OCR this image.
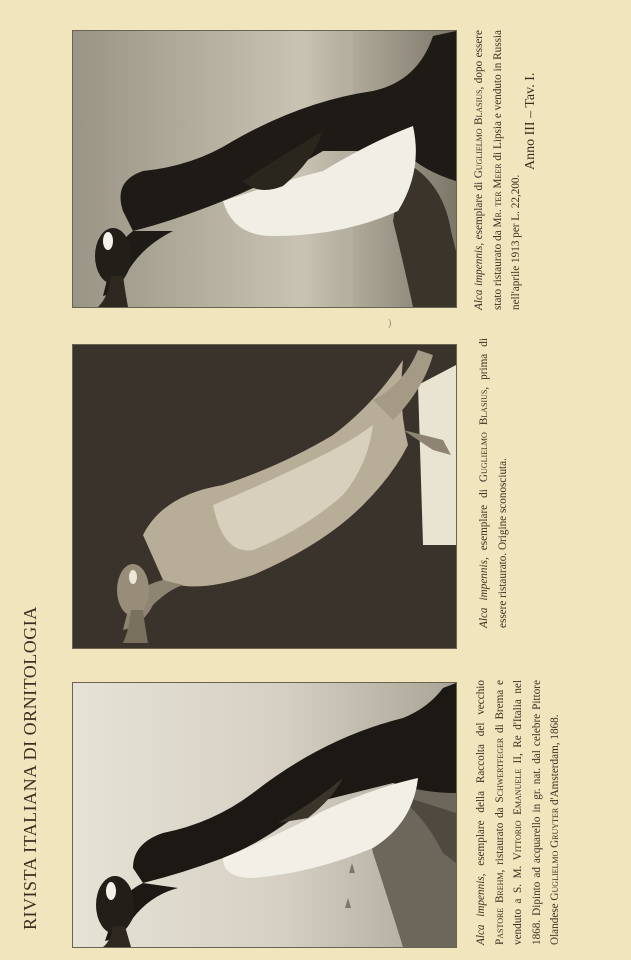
RIVISTA ITALIANA DI ORNITOLOGIA
Anno III – Tav. I.
)
Alca impennis, esemplare della Raccolta del vecchio Pastore Brehm, ristaurato da Schwertfeger di Brema e venduto a S. M. Vittorio Emanuele II, Re d'Italia nel 1868. Dipinto ad acquarello in gr. nat. dal celebre Pittore Olandese Guglielmo Gruyter d'Amsterdam, 1868.
Alca impennis, esemplare di Guglielmo Blasius, prima di essere ristaurato. Origine sconosciuta.
Alca impennis, esemplare di Guglielmo Blasius, dopo essere stato ristaurato da Mr. ter Meer di Lipsia e venduto in Russia nell'aprile 1913 per L. 22,200.
